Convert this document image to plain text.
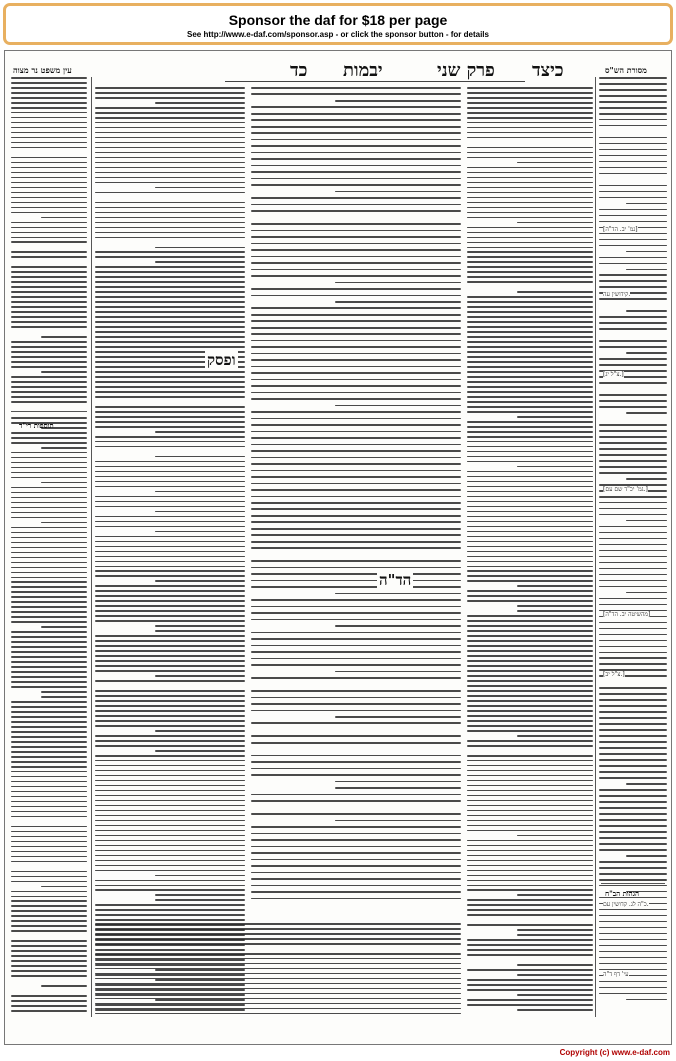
Sponsor the daf for $18 per page
See http://www.e-daf.com/sponsor.asp - or click the sponsor button - for details
עין משפט נר מצוה	כד יבמות	פרק שני כיצד	מסורת הש"ס
ופסק
הד"ה
הגהות הב"ח
תוספות רי"ד
[גמ' יב. הד"ה]
קידושין עה.
[צ"ל יג.]
[גמ' יכ"ד שם עם.]
[מהשיטה יב. הד"ה]
[צ"ל יב.]
כ"ה לג. קדושין עם.
עי' דף ד"ה
Copyright (c) www.e-daf.com
